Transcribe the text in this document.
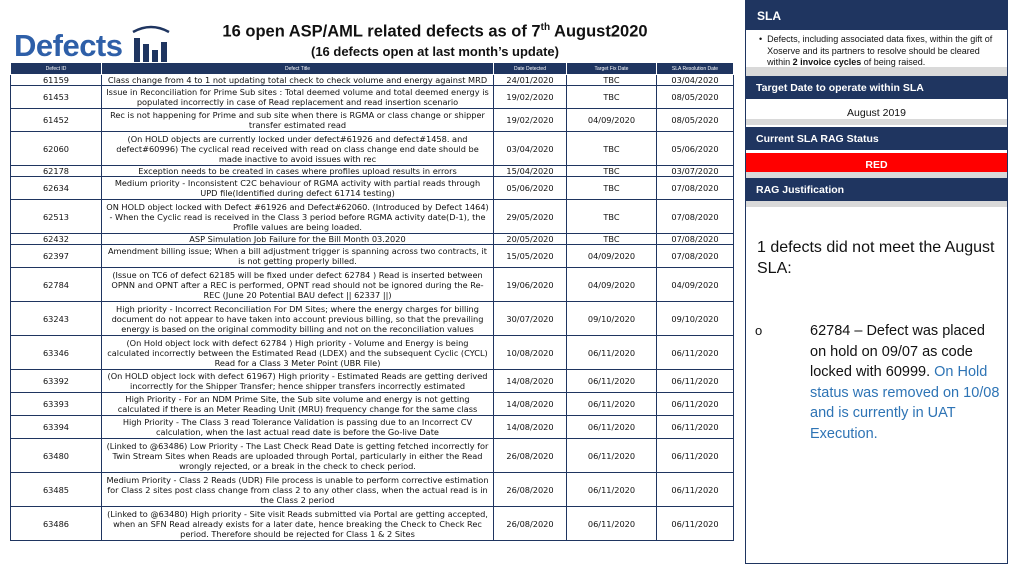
Defects	16 open ASP/AML related defects as of 7th August2020
(16 defects open at last month’s update)
Defect ID	Defect Title	Date Detected	Target Fix Date	SLA Resolution Date
61159	Class change from 4 to 1 not updating total check to check volume and energy against MRD	24/01/2020	TBC	03/04/2020
61453	Issue in Reconciliation for Prime Sub sites : Total deemed volume and total deemed energy is populated incorrectly in case of Read replacement and read insertion scenario	19/02/2020	TBC	08/05/2020
61452	Rec is not happening for Prime and sub site when there is RGMA or class change or shipper transfer estimated read	19/02/2020	04/09/2020	08/05/2020
62060	(On HOLD objects are currently locked under defect#61926 and defect#1458. and defect#60996) The cyclical read received with read on class change end date should be made inactive to avoid issues with rec	03/04/2020	TBC	05/06/2020
62178	Exception needs to be created in cases where profiles upload results in errors	15/04/2020	TBC	03/07/2020
62634	Medium priority - Inconsistent C2C behaviour of RGMA activity with partial reads through UPD file(Identified during defect 61714 testing)	05/06/2020	TBC	07/08/2020
62513	ON HOLD object locked with Defect #61926 and Defect#62060. (Introduced by Defect 1464) - When the Cyclic read is received in the Class 3 period before RGMA activity date(D-1), the Profile values are being loaded.	29/05/2020	TBC	07/08/2020
62432	ASP Simulation Job Failure for the Bill Month 03.2020	20/05/2020	TBC	07/08/2020
62397	Amendment billing issue; When a bill adjustment trigger is spanning across two contracts, it is not getting properly billed.	15/05/2020	04/09/2020	07/08/2020
62784	(Issue on TC6 of defect 62185 will be fixed under defect 62784 ) Read is inserted between OPNN and OPNT after a REC is performed, OPNT read should not be ignored during the Re-REC (June 20 Potential BAU defect || 62337 ||)	19/06/2020	04/09/2020	04/09/2020
63243	High priority - Incorrect Reconciliation For DM Sites; where the energy charges for billing document do not appear to have taken into account previous billing, so that the prevailing energy is based on the original commodity billing and not on the reconciliation values	30/07/2020	09/10/2020	09/10/2020
63346	(On Hold object lock with defect 62784 ) High priority - Volume and Energy is being calculated incorrectly between the Estimated Read (LDEX) and the subsequent Cyclic (CYCL) Read for a Class 3 Meter Point (UBR File)	10/08/2020	06/11/2020	06/11/2020
63392	(On HOLD object lock with defect 61967) High priority - Estimated Reads are getting derived incorrectly for the Shipper Transfer; hence shipper transfers incorrectly estimated	14/08/2020	06/11/2020	06/11/2020
63393	High Priority - For an NDM Prime Site, the Sub site volume and energy is not getting calculated if there is an Meter Reading Unit (MRU) frequency change for the same class	14/08/2020	06/11/2020	06/11/2020
63394	High Priority - The Class 3 read Tolerance Validation is passing due to an Incorrect CV calculation, when the last actual read date is before the Go-live Date	14/08/2020	06/11/2020	06/11/2020
63480	(Linked to @63486) Low Priority - The Last Check Read Date is getting fetched incorrectly for Twin Stream Sites when Reads are uploaded through Portal, particularly in either the Read wrongly rejected, or a break in the check to check period.	26/08/2020	06/11/2020	06/11/2020
63485	Medium Priority - Class 2 Reads (UDR) File process is unable to perform corrective estimation for Class 2 sites post class change from class 2 to any other class, when the actual read is in the Class 2 period	26/08/2020	06/11/2020	06/11/2020
63486	(Linked to @63480) High priority - Site visit Reads submitted via Portal are getting accepted, when an SFN Read already exists for a later date, hence breaking the Check to Check Rec period. Therefore should be rejected for Class 1 & 2 Sites	26/08/2020	06/11/2020	06/11/2020
SLA
• Defects, including associated data fixes, within the gift of Xoserve and its partners to resolve should be cleared within 2 invoice cycles of being raised.
Target Date to operate within SLA
August 2019
Current SLA RAG Status
RED
RAG Justification
1 defects did not meet the August SLA:
o	62784 – Defect was placed on hold on 09/07 as code locked with 60999. On Hold status was removed on 10/08 and is currently in UAT Execution.
